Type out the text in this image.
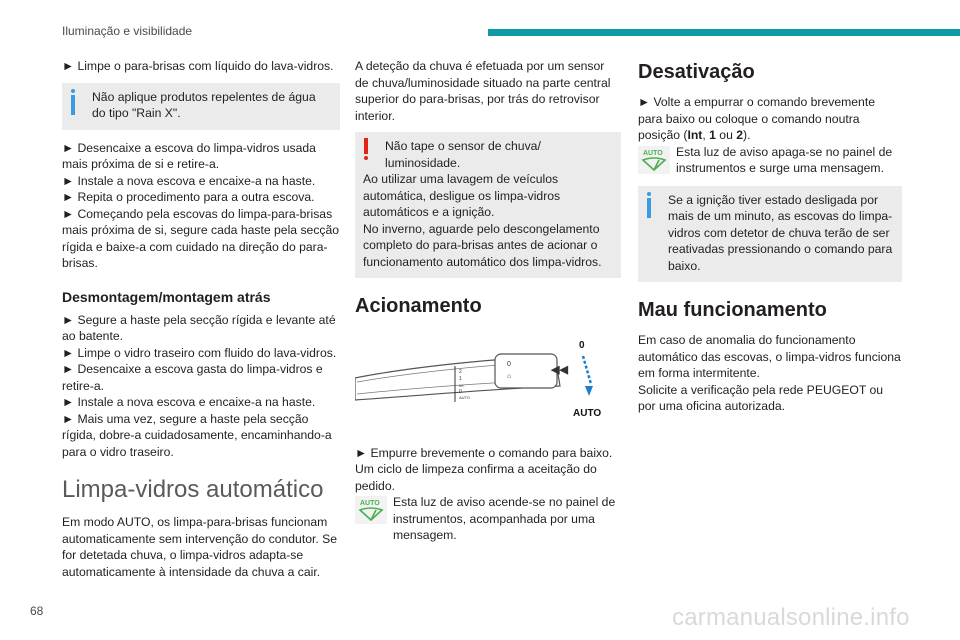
Iluminação e visibilidade

► Limpe o para-brisas com líquido do lava-vidros.

Não aplique produtos repelentes de água do tipo "Rain X".

► Desencaixe a escova do limpa-vidros usada mais próxima de si e retire-a.

► Instale a nova escova e encaixe-a na haste.

► Repita o procedimento para a outra escova.

► Começando pela escovas do limpa-para-brisas mais próxima de si, segure cada haste pela secção rígida e baixe-a com cuidado na direção do para-brisas.

Desmontagem/montagem atrás

► Segure a haste pela secção rígida e levante até ao batente.

► Limpe o vidro traseiro com fluido do lava-vidros.

► Desencaixe a escova gasta do limpa-vidros e retire-a.

► Instale a nova escova e encaixe-a na haste.

► Mais uma vez, segure a haste pela secção rígida, dobre-a cuidadosamente, encaminhando-a para o vidro traseiro.

Limpa-vidros automático

Em modo AUTO, os limpa-para-brisas funcionam automaticamente sem intervenção do condutor. Se for detetada chuva, o limpa-vidros adapta-se automaticamente à intensidade da chuva a cair.

A deteção da chuva é efetuada por um sensor de chuva/luminosidade situado na parte central superior do para-brisas, por trás do retrovisor interior.

Não tape o sensor de chuva/ luminosidade.

Ao utilizar uma lavagem de veículos automática, desligue os limpa-vidros automáticos e a ignição.

No inverno, aguarde pelo descongelamento completo do para-brisas antes de acionar o funcionamento automático dos limpa-vidros.

Acionamento
◀◀
0
⌂
2
1
Int
0
AUTO
0
AUTO

► Empurre brevemente o comando para baixo. Um ciclo de limpeza confirma a aceitação do pedido.

AUTO Esta luz de aviso acende-se no painel de instrumentos, acompanhada por uma mensagem.

Desativação

► Volte a empurrar o comando brevemente para baixo ou coloque o comando noutra posição (Int, 1 ou 2).

AUTO Esta luz de aviso apaga-se no painel de instrumentos e surge uma mensagem.

Se a ignição tiver estado desligada por mais de um minuto, as escovas do limpa-vidros com detetor de chuva terão de ser reativadas pressionando o comando para baixo.

Mau funcionamento

Em caso de anomalia do funcionamento automático das escovas, o limpa-vidros funciona em forma intermitente.

Solicite a verificação pela rede PEUGEOT ou por uma oficina autorizada.

68	carmanualsonline.info
